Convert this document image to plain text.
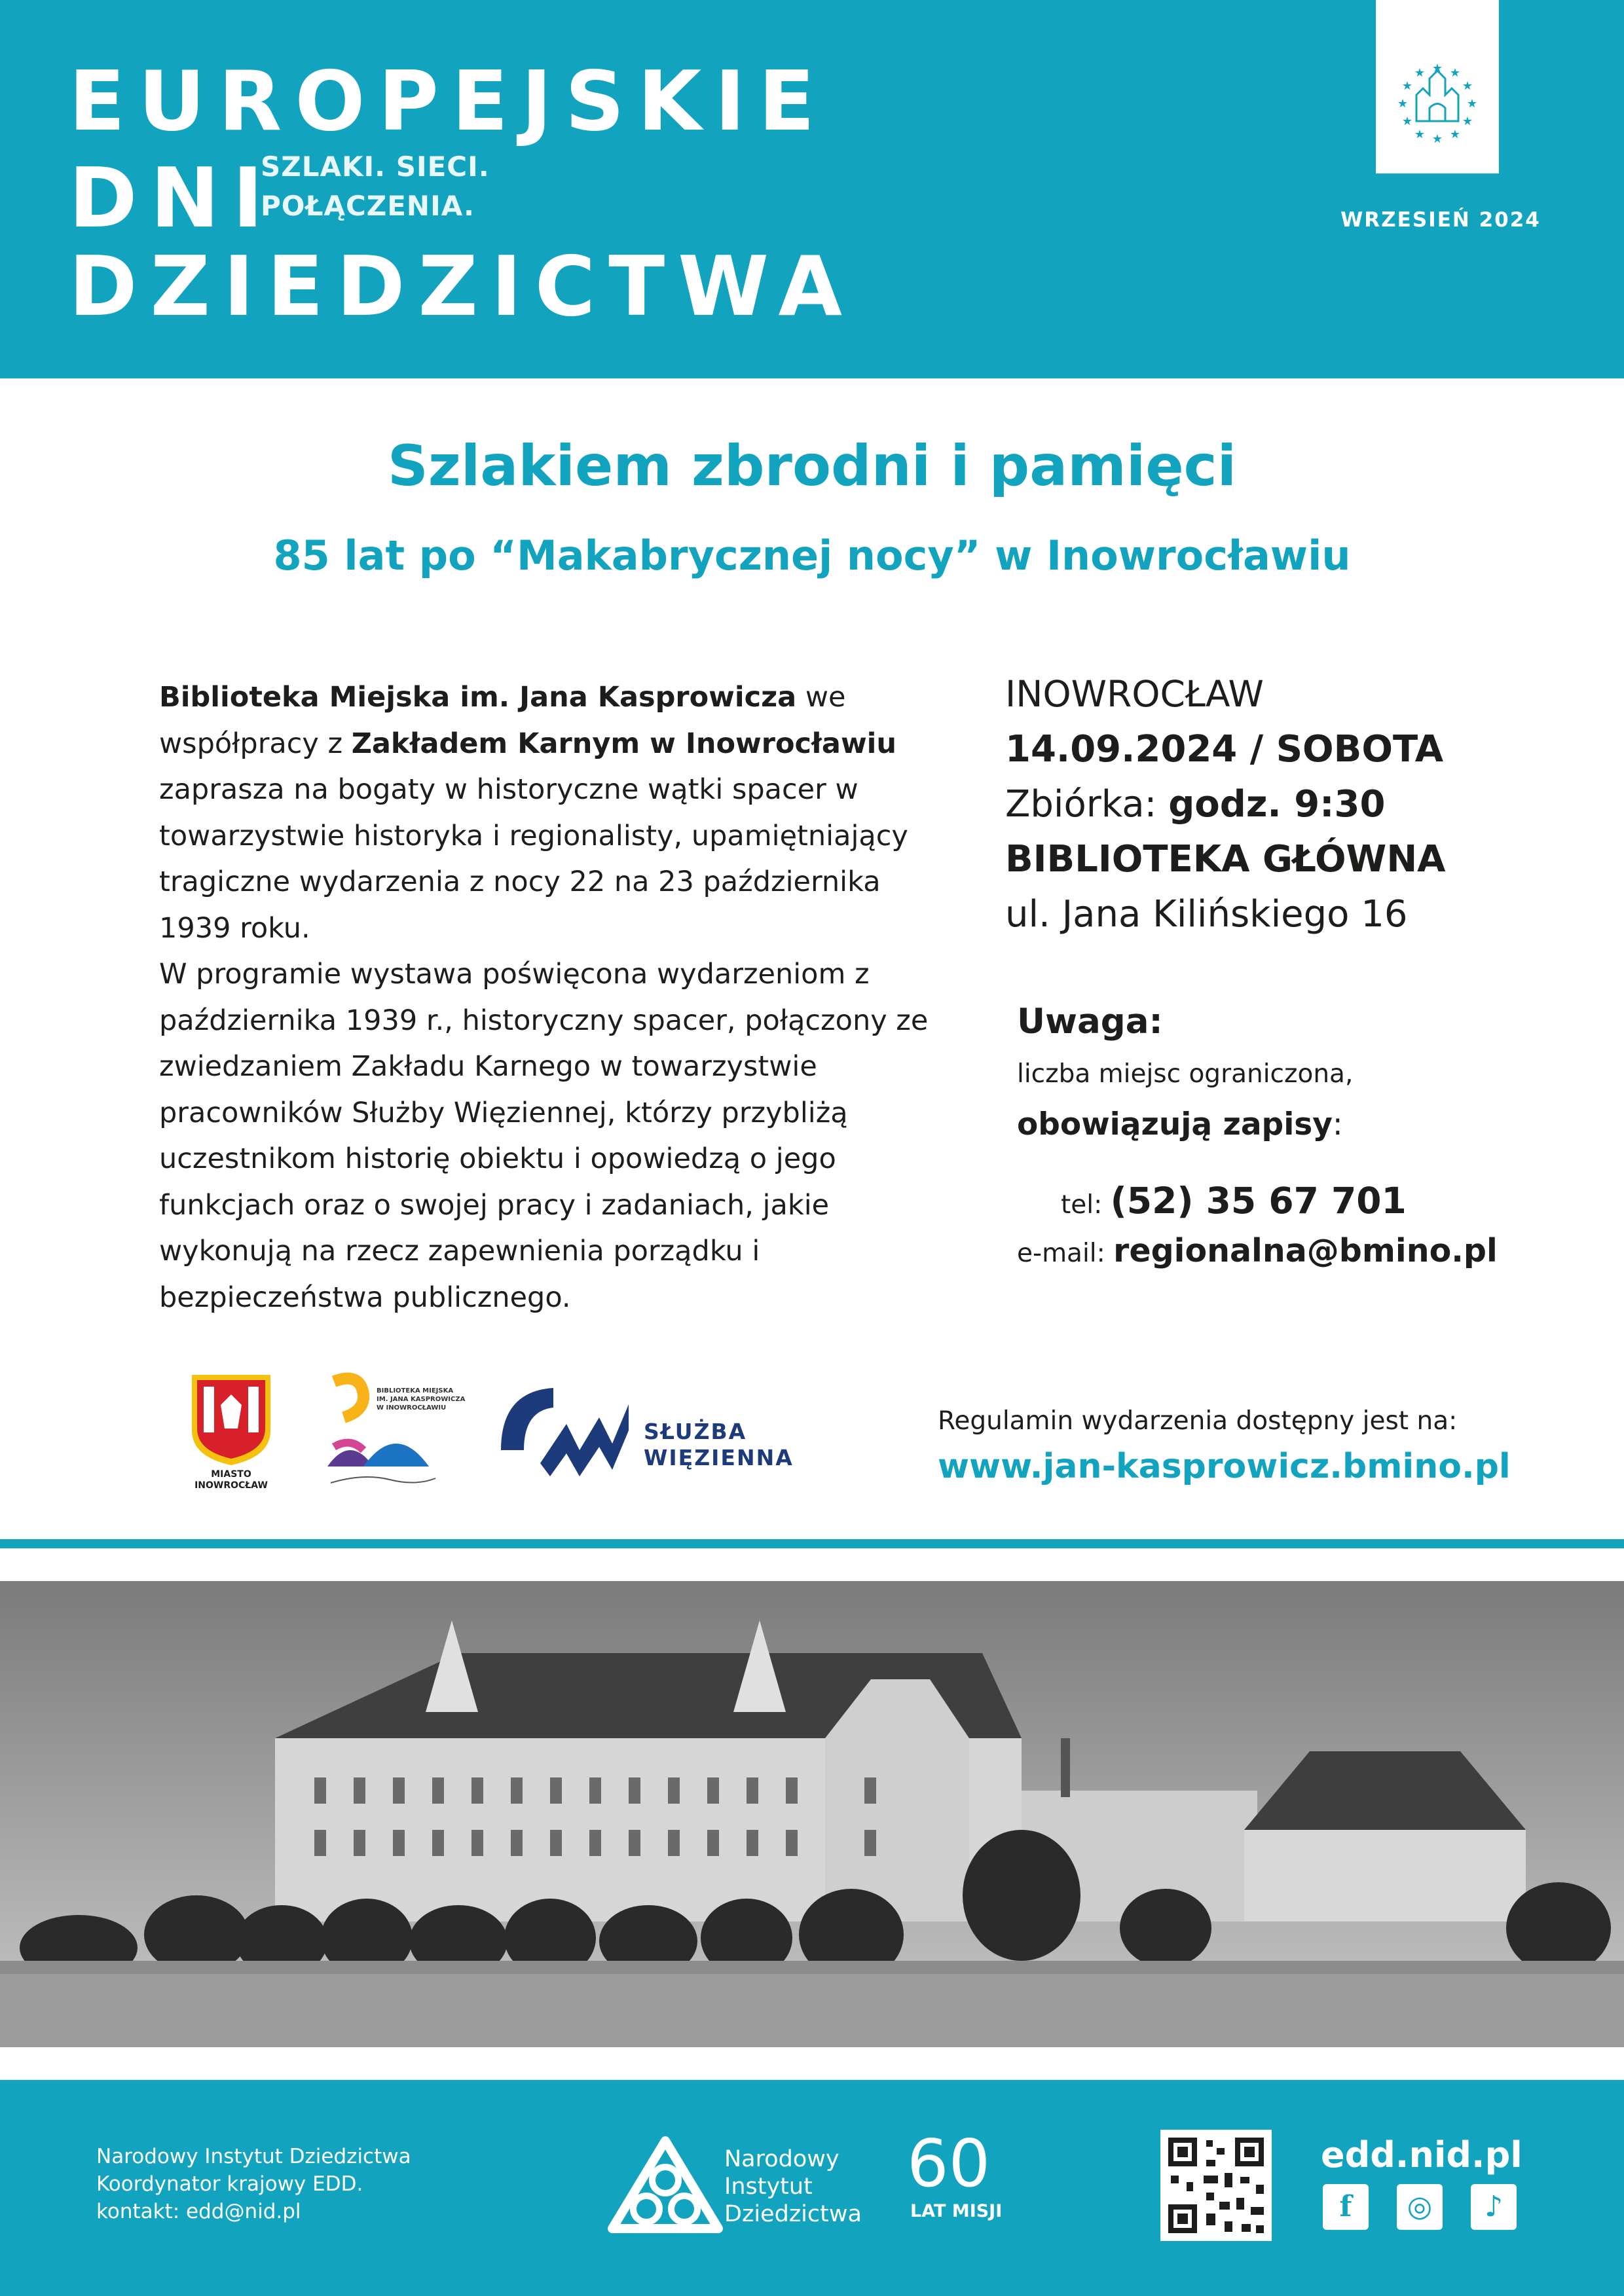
EUROPEJSKIE
DNI
SZLAKI. SIECI.
POŁĄCZENIA.
DZIEDZICTWA
★ ★
★
★
★
★
★
★
★
★
★
★
WRZESIEŃ 2024
Szlakiem zbrodni i pamięci
85 lat po “Makabrycznej nocy” w Inowrocławiu
Biblioteka Miejska im. Jana Kasprowicza we współpracy z Zakładem Karnym w Inowrocławiu zaprasza na bogaty w historyczne wątki spacer w towarzystwie historyka i regionalisty, upamiętniający tragiczne wydarzenia z nocy 22 na 23 października 1939 roku.
W programie wystawa poświęcona wydarzeniom z października 1939 r., historyczny spacer, połączony ze zwiedzaniem Zakładu Karnego w towarzystwie pracowników Służby Więziennej, którzy przybliżą uczestnikom historię obiektu i opowiedzą o jego funkcjach oraz o swojej pracy i zadaniach, jakie wykonują na rzecz zapewnienia porządku i bezpieczeństwa publicznego.
INOWROCŁAW
14.09.2024 / SOBOTA
Zbiórka: godz. 9:30
BIBLIOTEKA GŁÓWNA
ul. Jana Kilińskiego 16
Uwaga:
liczba miejsc ograniczona,
obowiązują zapisy:
tel: (52) 35 67 701
e-mail: regionalna@bmino.pl
MIASTO
INOWROCŁAW
BIBLIOTEKA MIEJSKA
IM. JANA KASPROWICZA
W INOWROCŁAWIU
SŁUŻBA
WIĘZIENNA
Regulamin wydarzenia dostępny jest na:
www.jan-kasprowicz.bmino.pl
Narodowy Instytut Dziedzictwa
Koordynator krajowy EDD.
kontakt: edd@nid.pl
Narodowy
Instytut
Dziedzictwa
60
LAT MISJI
edd.nid.pl
f	◎	♪
